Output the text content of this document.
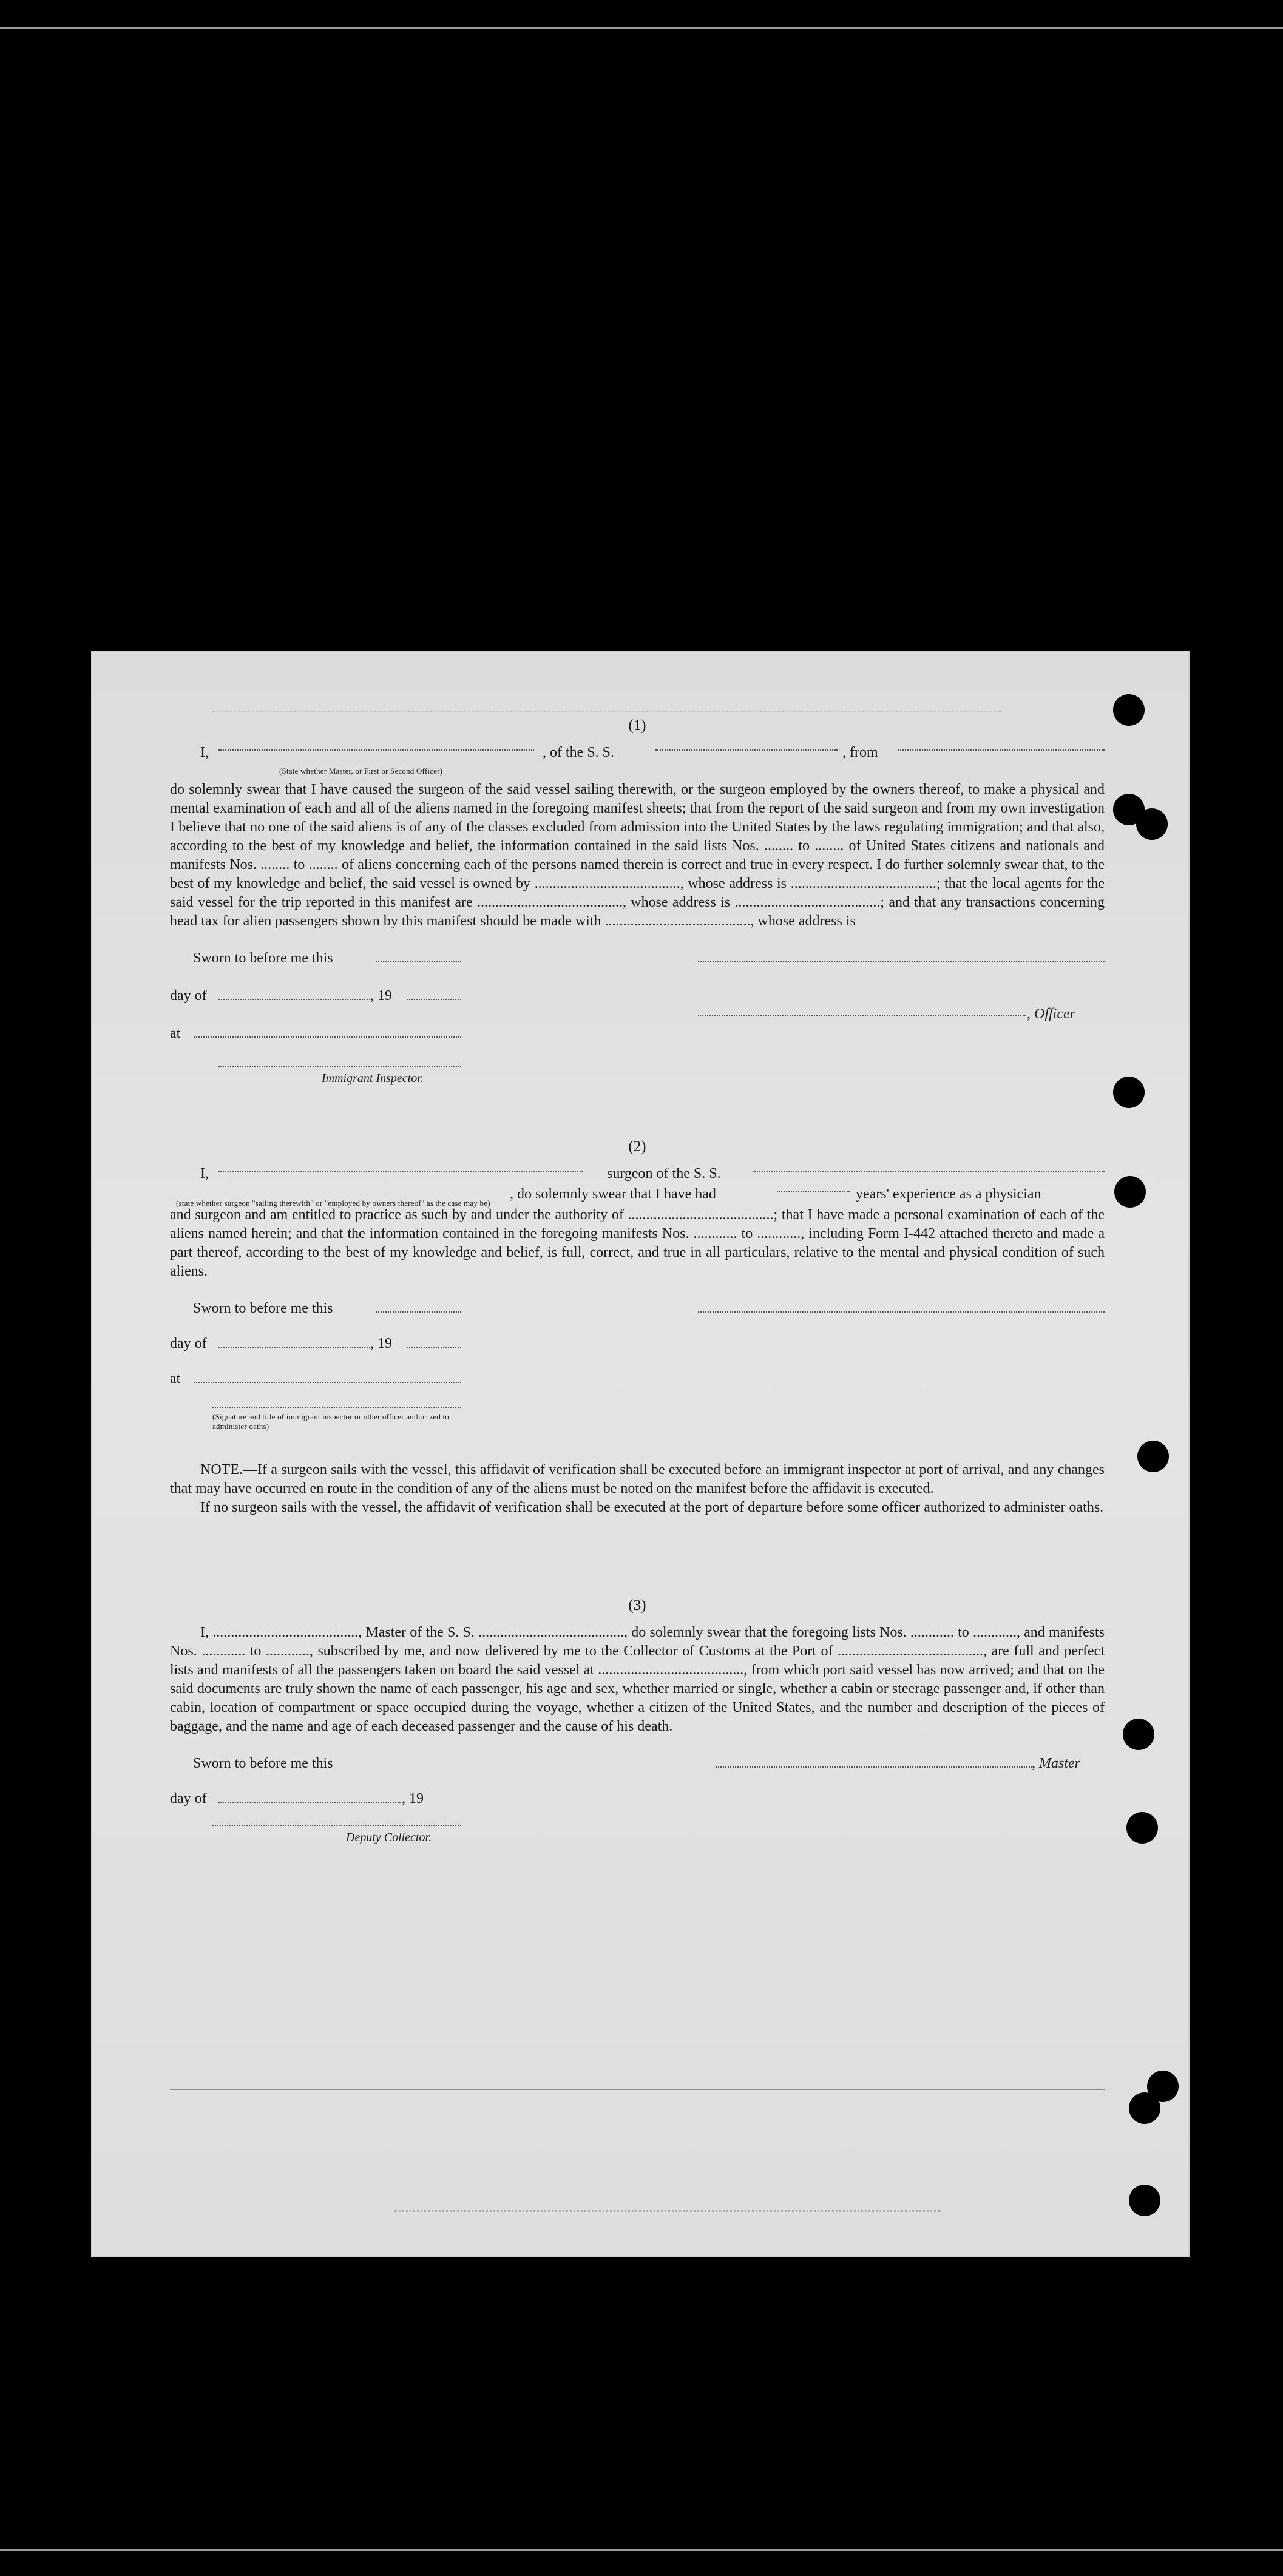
(1)
I,	, of the S. S.	, from
(State whether Master, or First or Second Officer)

do solemnly swear that I have caused the surgeon of the said vessel sailing therewith, or the surgeon employed by the owners thereof, to make a physical and mental examination of each and all of the aliens named in the foregoing manifest sheets; that from the report of the said surgeon and from my own investigation I believe that no one of the said aliens is of any of the classes excluded from admission into the United States by the laws regulating immigration; and that also, according to the best of my knowledge and belief, the information contained in the said lists Nos. ........ to ........ of United States citizens and nationals and manifests Nos. ........ to ........ of aliens concerning each of the persons named therein is correct and true in every respect. I do further solemnly swear that, to the best of my knowledge and belief, the said vessel is owned by ........................................, whose address is ........................................; that the local agents for the said vessel for the trip reported in this manifest are ........................................, whose address is ........................................; and that any transactions concerning head tax for alien passengers shown by this manifest should be made with ........................................, whose address is

Sworn to before me this
day of	, 19
, Officer
at
Immigrant Inspector.
(2)
I,	surgeon of the S. S.
(state whether surgeon "sailing therewith" or "employed by owners thereof" as the case may be)
, do solemnly swear that I have had	years' experience as a physician

and surgeon and am entitled to practice as such by and under the authority of ........................................; that I have made a personal examination of each of the aliens named herein; and that the information contained in the foregoing manifests Nos. ............ to ............, including Form I-442 attached thereto and made a part thereof, according to the best of my knowledge and belief, is full, correct, and true in all particulars, relative to the mental and physical condition of such aliens.

Sworn to before me this
day of	, 19
at
(Signature and title of immigrant inspector or other officer authorized to administer oaths)

NOTE.—If a surgeon sails with the vessel, this affidavit of verification shall be executed before an immigrant inspector at port of arrival, and any changes that may have occurred en route in the condition of any of the aliens must be noted on the manifest before the affidavit is executed.

If no surgeon sails with the vessel, the affidavit of verification shall be executed at the port of departure before some officer authorized to administer oaths.

(3)

I, ........................................, Master of the S. S. ........................................, do solemnly swear that the foregoing lists Nos. ............ to ............, and manifests Nos. ............ to ............, subscribed by me, and now delivered by me to the Collector of Customs at the Port of ........................................, are full and perfect lists and manifests of all the passengers taken on board the said vessel at ........................................, from which port said vessel has now arrived; and that on the said documents are truly shown the name of each passenger, his age and sex, whether married or single, whether a cabin or steerage passenger and, if other than cabin, location of compartment or space occupied during the voyage, whether a citizen of the United States, and the number and description of the pieces of baggage, and the name and age of each deceased passenger and the cause of his death.

Sworn to before me this	, Master
day of	, 19
Deputy Collector.
